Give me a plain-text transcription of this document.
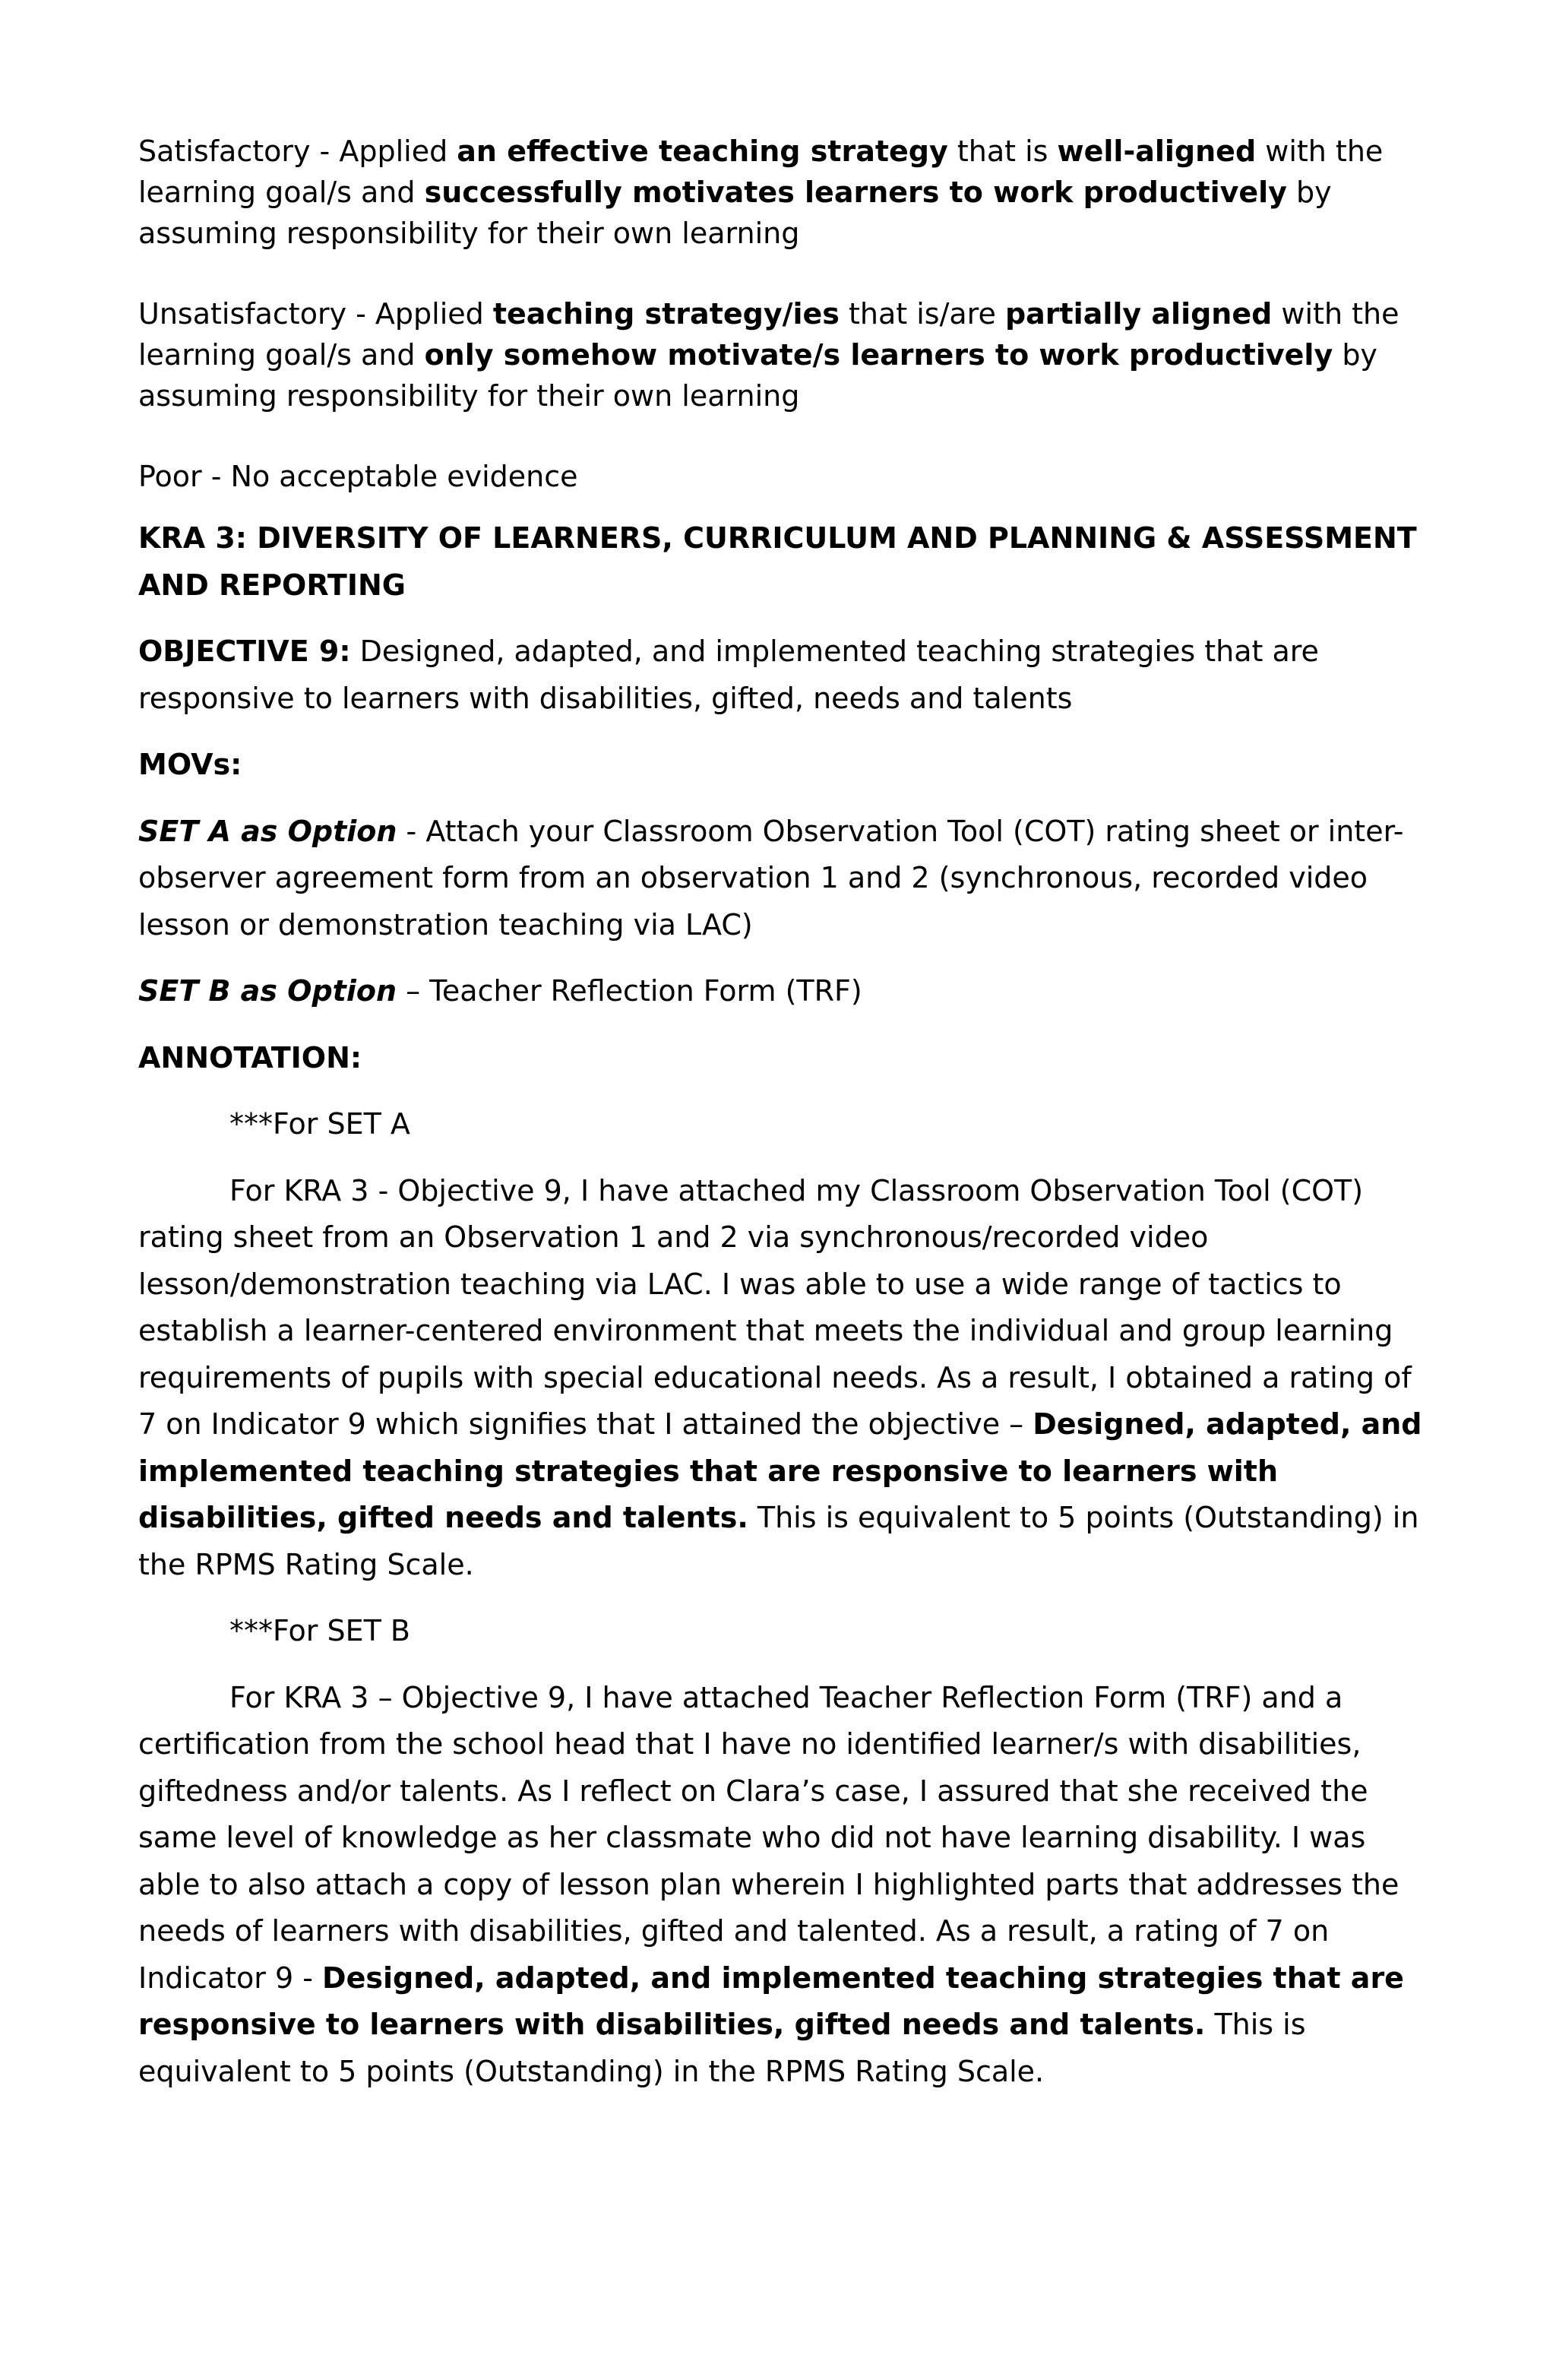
Satisfactory - Applied an effective teaching strategy that is well-aligned with the learning goal/s and successfully motivates learners to work productively by assuming responsibility for their own learning

Unsatisfactory - Applied teaching strategy/ies that is/are partially aligned with the learning goal/s and only somehow motivate/s learners to work productively by assuming responsibility for their own learning

Poor - No acceptable evidence

KRA 3: DIVERSITY OF LEARNERS, CURRICULUM AND PLANNING & ASSESSMENT AND REPORTING

OBJECTIVE 9: Designed, adapted, and implemented teaching strategies that are responsive to learners with disabilities, gifted, needs and talents

MOVs:

SET A as Option - Attach your Classroom Observation Tool (COT) rating sheet or inter-observer agreement form from an observation 1 and 2 (synchronous, recorded video lesson or demonstration teaching via LAC)

SET B as Option – Teacher Reflection Form (TRF)

ANNOTATION:

***For SET A

For KRA 3 - Objective 9, I have attached my Classroom Observation Tool (COT) rating sheet from an Observation 1 and 2 via synchronous/recorded video lesson/demonstration teaching via LAC. I was able to use a wide range of tactics to establish a learner-centered environment that meets the individual and group learning requirements of pupils with special educational needs. As a result, I obtained a rating of 7 on Indicator 9 which signifies that I attained the objective – Designed, adapted, and implemented teaching strategies that are responsive to learners with disabilities, gifted needs and talents. This is equivalent to 5 points (Outstanding) in the RPMS Rating Scale.

***For SET B

For KRA 3 – Objective 9, I have attached Teacher Reflection Form (TRF) and a certification from the school head that I have no identified learner/s with disabilities, giftedness and/or talents. As I reflect on Clara’s case, I assured that she received the same level of knowledge as her classmate who did not have learning disability. I was able to also attach a copy of lesson plan wherein I highlighted parts that addresses the needs of learners with disabilities, gifted and talented. As a result, a rating of 7 on Indicator 9 - Designed, adapted, and implemented teaching strategies that are responsive to learners with disabilities, gifted needs and talents. This is equivalent to 5 points (Outstanding) in the RPMS Rating Scale.
